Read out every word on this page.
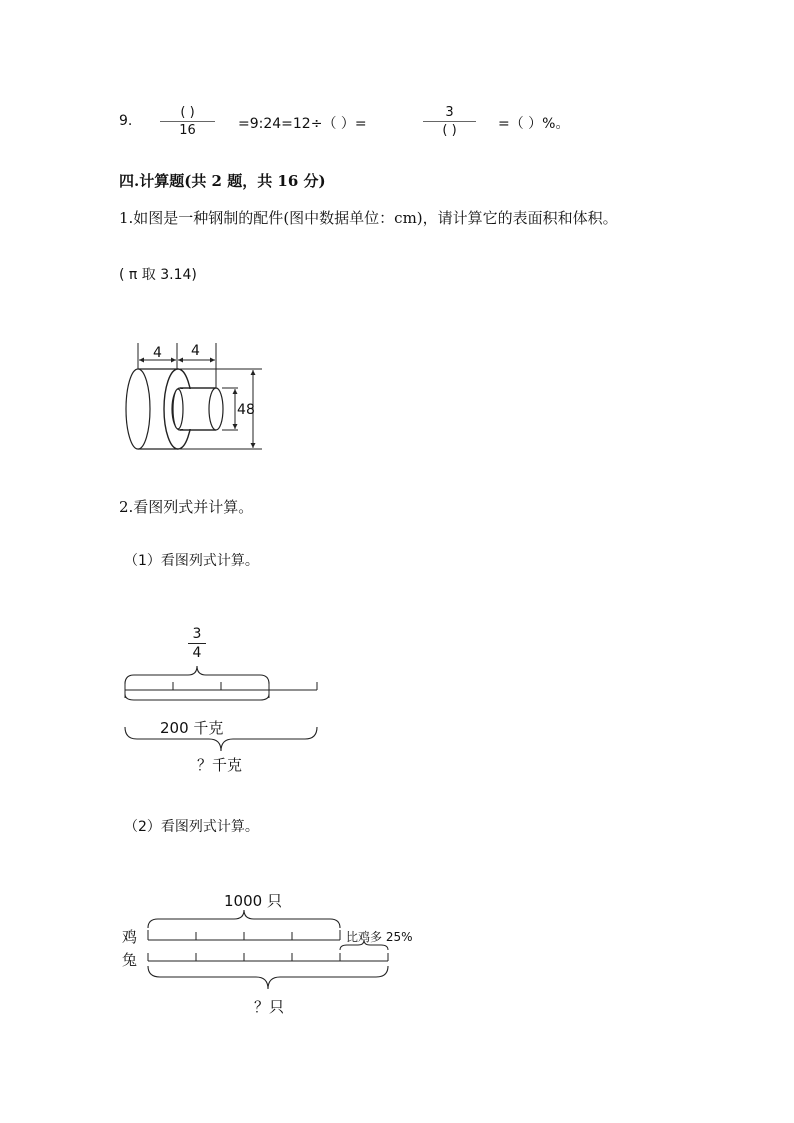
9.
( )
16	=9:24=12÷（ ）=
3
( )	=（ ）%。
四.计算题(共 2 题，共 16 分)
1.如图是一种钢制的配件(图中数据单位：cm)，请计算它的表面积和体积。
( π 取 3.14)
4 4
4 8
2.看图列式并计算。
（1）看图列式计算。
3
4
200 千克
？千克
（2）看图列式计算。
1000 只
鸡
兔
比鸡多 25%
？只
